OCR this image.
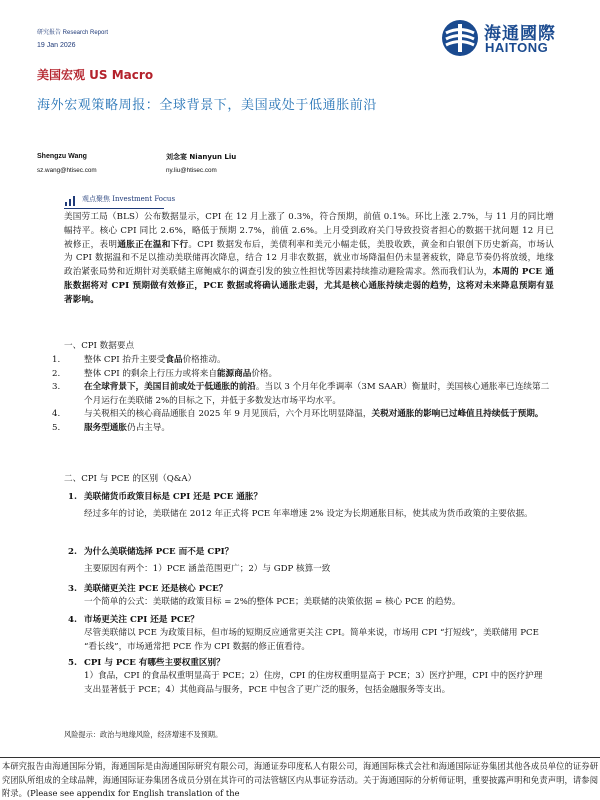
研究报告 Research Report
19 Jan 2026
海通國際
HAITONG
美国宏观 US Macro
海外宏观策略周报：全球背景下，美国或处于低通胀前沿
Shengzu Wang
sz.wang@htisec.com
刘念宴 Nianyun Liu
ny.liu@htisec.com
观点聚焦 Investment Focus
美国劳工局（BLS）公布数据显示，CPI 在 12 月上涨了 0.3%，符合预期，前值 0.1%。环比上涨 2.7%，与 11 月的同比增幅持平。核心 CPI 同比 2.6%，略低于预期 2.7%，前值 2.6%。上月受到政府关门导致投资者担心的数据干扰问题 12 月已被修正，表明通胀正在温和下行。CPI 数据发布后，美债利率和美元小幅走低，美股收跌，黄金和白银创下历史新高，市场认为 CPI 数据温和不足以推动美联储再次降息，结合 12 月非农数据，就业市场降温但仍未显著疲软，降息节奏仍将放缓，地缘政治紧张局势和近期针对美联储主席鲍威尔的调查引发的独立性担忧等因素持续推动避险需求。然而我们认为，本周的 PCE 通胀数据将对 CPI 预期做有效修正，PCE 数据或将确认通胀走弱，尤其是核心通胀持续走弱的趋势，这将对未来降息预期有显著影响。
一、CPI 数据要点
1.	整体 CPI 抬升主要受食品价格推动。
2.	整体 CPI 的剩余上行压力或将来自能源商品价格。
3.	在全球背景下，美国目前或处于低通胀的前沿。当以 3 个月年化季调率（3M SAAR）衡量时，美国核心通胀率已连续第二个月运行在美联储 2%的目标之下，并低于多数发达市场平均水平。
4.	与关税相关的核心商品通胀自 2025 年 9 月见顶后，六个月环比明显降温，关税对通胀的影响已过峰值且持续低于预期。
5.	服务型通胀仍占主导。
二、CPI 与 PCE 的区别（Q&A）
1. 美联储货币政策目标是 CPI 还是 PCE 通胀？
经过多年的讨论，美联储在 2012 年正式将 PCE 年率增速 2% 设定为长期通胀目标，使其成为货币政策的主要依据。
2. 为什么美联储选择 PCE 而不是 CPI？
主要原因有两个：1）PCE 涵盖范围更广；2）与 GDP 核算一致
3. 美联储更关注 PCE 还是核心 PCE？
一个简单的公式：美联储的政策目标 = 2%的整体 PCE；美联储的决策依据 = 核心 PCE 的趋势。
4. 市场更关注 CPI 还是 PCE？
尽管美联储以 PCE 为政策目标，但市场的短期反应通常更关注 CPI。简单来说，市场用 CPI “打短线”，美联储用 PCE “看长线”，市场通常把 PCE 作为 CPI 数据的修正值看待。
5. CPI 与 PCE 有哪些主要权重区别？
1）食品，CPI 的食品权重明显高于 PCE；2）住房，CPI 的住房权重明显高于 PCE；3）医疗护理，CPI 中的医疗护理支出显著低于 PCE；4）其他商品与服务，PCE 中包含了更广泛的服务，包括金融服务等支出。
风险提示：政治与地缘风险，经济增速不及预期。
本研究报告由海通国际分销，海通国际是由海通国际研究有限公司，海通证券印度私人有限公司，海通国际株式会社和海通国际证券集团其他各成员单位的证券研究团队所组成的全球品牌，海通国际证券集团各成员分别在其许可的司法管辖区内从事证券活动。关于海通国际的分析师证明，重要披露声明和免责声明，请参阅附录。(Please see appendix for English translation of the
